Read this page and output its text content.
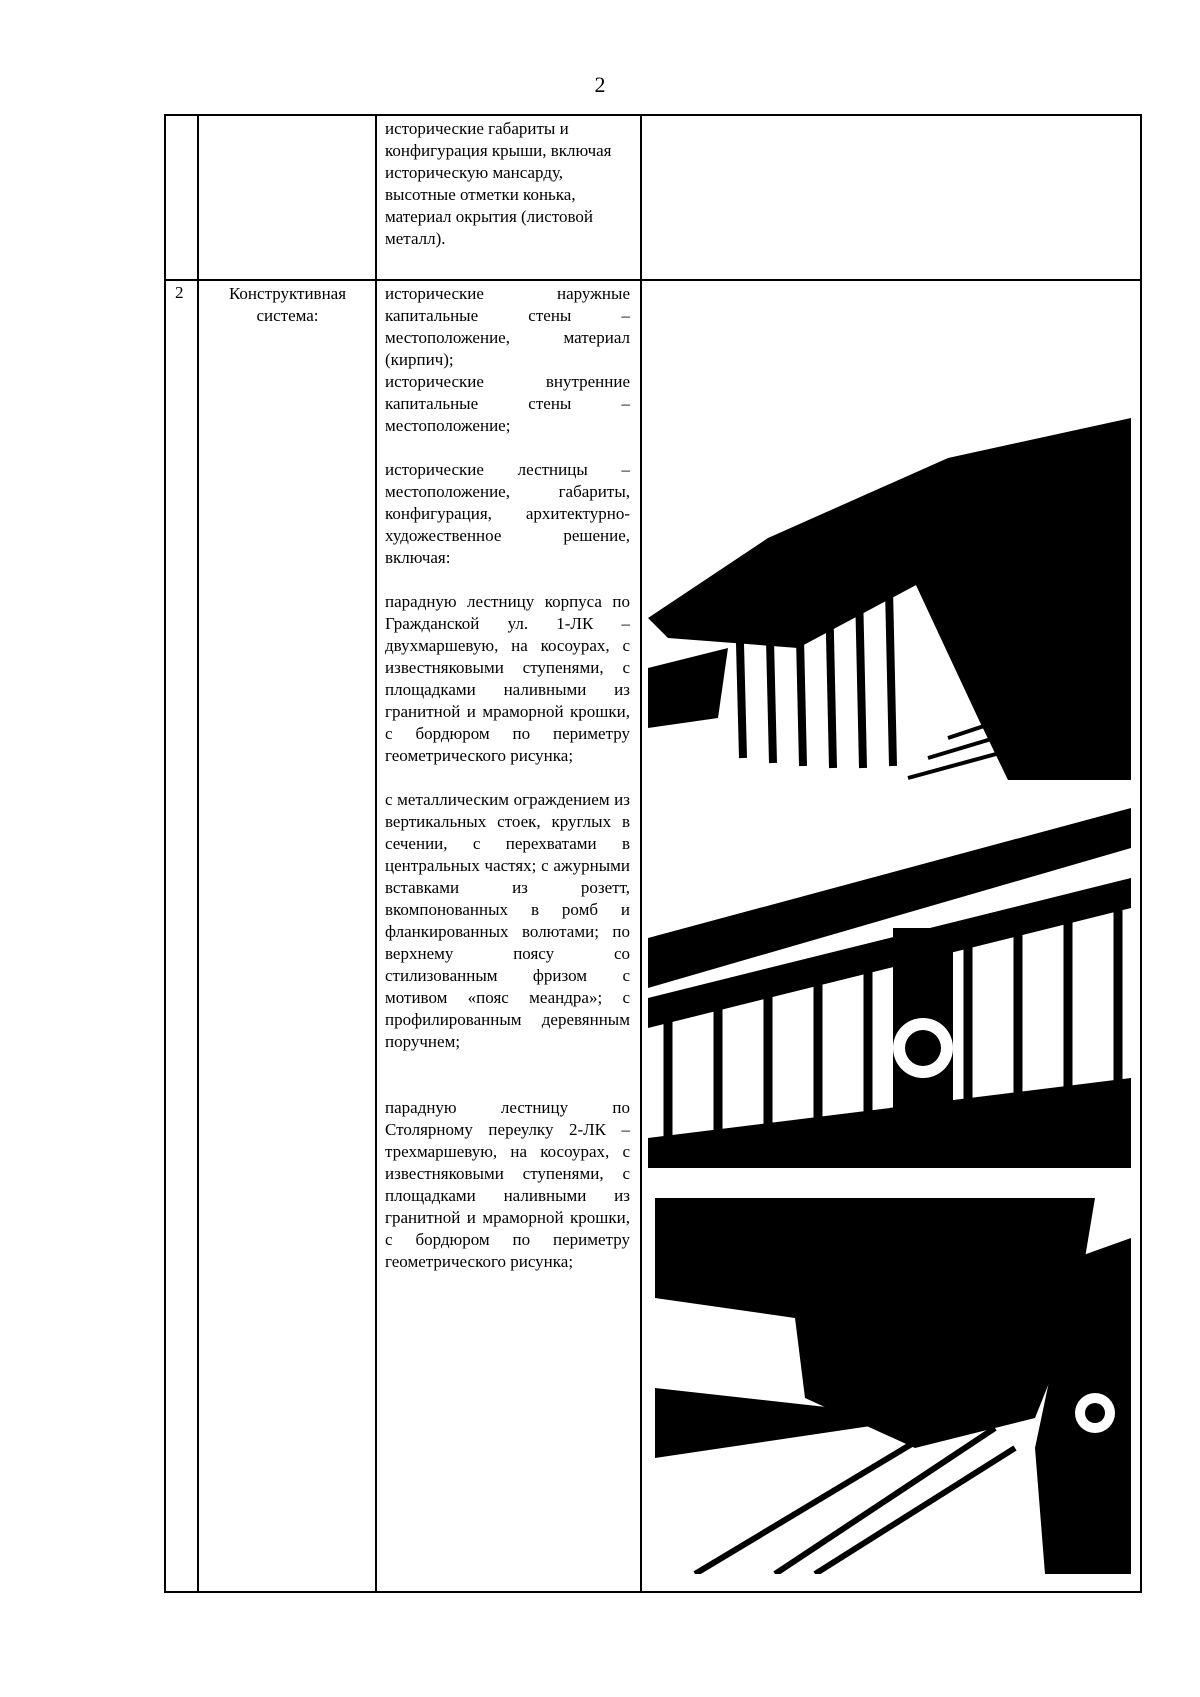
2

исторические габариты и конфигурация крыши, включая историческую мансарду, высотные отметки конька, материал окрытия (листовой металл).

2	Конструктивная система:

исторические наружные капитальные стены – местоположение, материал (кирпич);

исторические внутренние капитальные стены – местоположение;

исторические лестницы – местоположение, габариты, конфигурация, архитектурно-художественное решение, включая:

парадную лестницу корпуса по Гражданской ул. 1-ЛК – двухмаршевую, на косоурах, с известняковыми ступенями, с площадками наливными из гранитной и мраморной крошки, с бордюром по периметру геометрического рисунка;

с металлическим ограждением из вертикальных стоек, круглых в сечении, с перехватами в центральных частях; с ажурными вставками из розетт, вкомпонованных в ромб и фланкированных волютами; по верхнему поясу со стилизованным фризом с мотивом «пояс меандра»; с профилированным деревянным поручнем;

парадную лестницу по Столярному переулку 2-ЛК – трехмаршевую, на косоурах, с известняковыми ступенями, с площадками наливными из гранитной и мраморной крошки, с бордюром по периметру геометрического рисунка;
